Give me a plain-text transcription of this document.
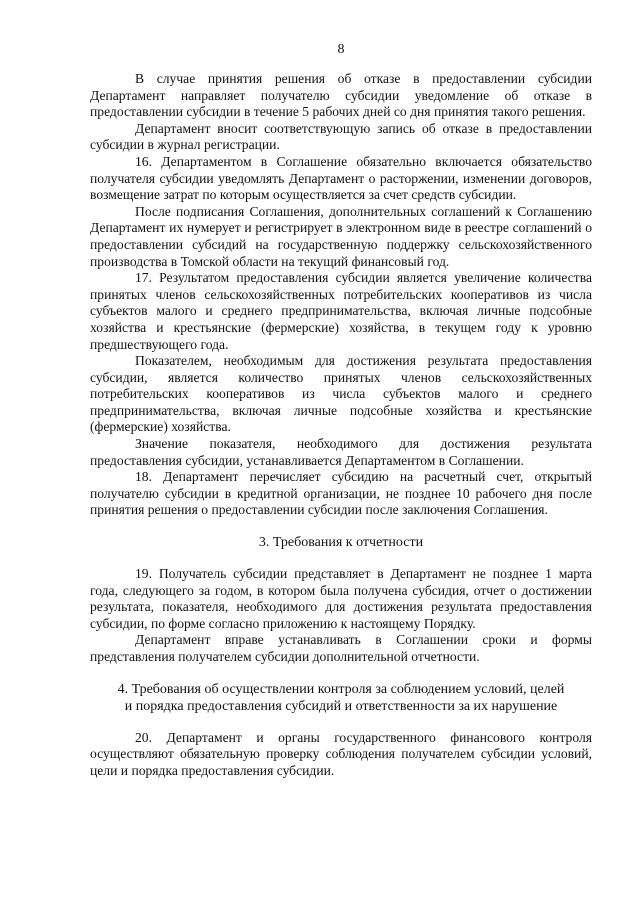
8

В случае принятия решения об отказе в предоставлении субсидии Департамент направляет получателю субсидии уведомление об отказе в предоставлении субсидии в течение 5 рабочих дней со дня принятия такого решения.

Департамент вносит соответствующую запись об отказе в предоставлении субсидии в журнал регистрации.

16. Департаментом в Соглашение обязательно включается обязательство получателя субсидии уведомлять Департамент о расторжении, изменении договоров, возмещение затрат по которым осуществляется за счет средств субсидии.

После подписания Соглашения, дополнительных соглашений к Соглашению Департамент их нумерует и регистрирует в электронном виде в реестре соглашений о предоставлении субсидий на государственную поддержку сельскохозяйственного производства в Томской области на текущий финансовый год.

17. Результатом предоставления субсидии является увеличение количества принятых членов сельскохозяйственных потребительских кооперативов из числа субъектов малого и среднего предпринимательства, включая личные подсобные хозяйства и крестьянские (фермерские) хозяйства, в текущем году к уровню предшествующего года.

Показателем, необходимым для достижения результата предоставления субсидии, является количество принятых членов сельскохозяйственных потребительских кооперативов из числа субъектов малого и среднего предпринимательства, включая личные подсобные хозяйства и крестьянские (фермерские) хозяйства.

Значение показателя, необходимого для достижения результата предоставления субсидии, устанавливается Департаментом в Соглашении.

18. Департамент перечисляет субсидию на расчетный счет, открытый получателю субсидии в кредитной организации, не позднее 10 рабочего дня после принятия решения о предоставлении субсидии после заключения Соглашения.

3. Требования к отчетности

19. Получатель субсидии представляет в Департамент не позднее 1 марта года, следующего за годом, в котором была получена субсидия, отчет о достижении результата, показателя, необходимого для достижения результата предоставления субсидии, по форме согласно приложению к настоящему Порядку.

Департамент вправе устанавливать в Соглашении сроки и формы представления получателем субсидии дополнительной отчетности.

4. Требования об осуществлении контроля за соблюдением условий, целей
и порядка предоставления субсидий и ответственности за их нарушение

20. Департамент и органы государственного финансового контроля осуществляют обязательную проверку соблюдения получателем субсидии условий, цели и порядка предоставления субсидии.
